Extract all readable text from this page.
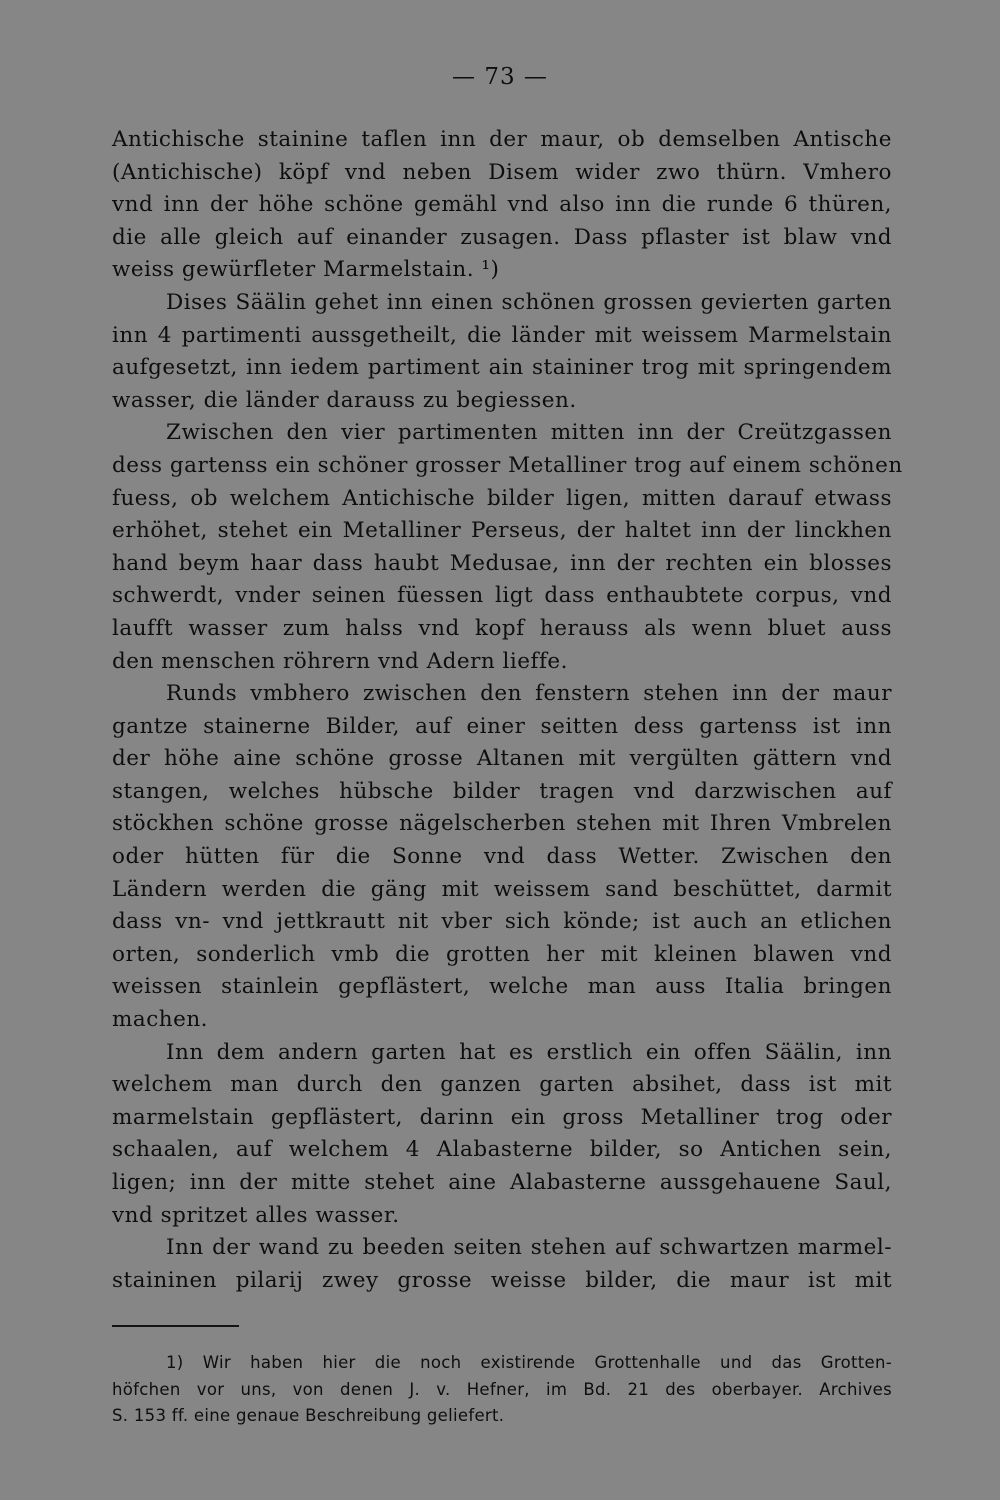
— 73 —

Antichische stainine taflen inn der maur, ob demselben Antische
(Antichische) köpf vnd neben Disem wider zwo thürn. Vmhero
vnd inn der höhe schöne gemähl vnd also inn die runde 6 thüren,
die alle gleich auf einander zusagen. Dass pflaster ist blaw vnd
weiss gewürfleter Marmelstain. ¹)

Dises Säälin gehet inn einen schönen grossen gevierten garten
inn 4 partimenti aussgetheilt, die länder mit weissem Marmelstain
aufgesetzt, inn iedem partiment ain staininer trog mit springendem
wasser, die länder darauss zu begiessen.

Zwischen den vier partimenten mitten inn der Creützgassen
dess gartenss ein schöner grosser Metalliner trog auf einem schönen
fuess, ob welchem Antichische bilder ligen, mitten darauf etwass
erhöhet, stehet ein Metalliner Perseus, der haltet inn der linckhen
hand beym haar dass haubt Medusae, inn der rechten ein blosses
schwerdt, vnder seinen füessen ligt dass enthaubtete corpus, vnd
laufft wasser zum halss vnd kopf herauss als wenn bluet auss
den menschen röhrern vnd Adern lieffe.

Runds vmbhero zwischen den fenstern stehen inn der maur
gantze stainerne Bilder, auf einer seitten dess gartenss ist inn
der höhe aine schöne grosse Altanen mit vergülten gättern vnd
stangen, welches hübsche bilder tragen vnd darzwischen auf
stöckhen schöne grosse nägelscherben stehen mit Ihren Vmbrelen
oder hütten für die Sonne vnd dass Wetter. Zwischen den
Ländern werden die gäng mit weissem sand beschüttet, darmit
dass vn- vnd jettkrautt nit vber sich könde; ist auch an etlichen
orten, sonderlich vmb die grotten her mit kleinen blawen vnd
weissen stainlein gepflästert, welche man auss Italia bringen
machen.

Inn dem andern garten hat es erstlich ein offen Säälin, inn
welchem man durch den ganzen garten absihet, dass ist mit
marmelstain gepflästert, darinn ein gross Metalliner trog oder
schaalen, auf welchem 4 Alabasterne bilder, so Antichen sein,
ligen; inn der mitte stehet aine Alabasterne aussgehauene Saul,
vnd spritzet alles wasser.

Inn der wand zu beeden seiten stehen auf schwartzen marmel-
staininen pilarij zwey grosse weisse bilder, die maur ist mit

1) Wir haben hier die noch existirende Grottenhalle und das Grotten-
höfchen vor uns, von denen J. v. Hefner, im Bd. 21 des oberbayer. Archives
S. 153 ff. eine genaue Beschreibung geliefert.
